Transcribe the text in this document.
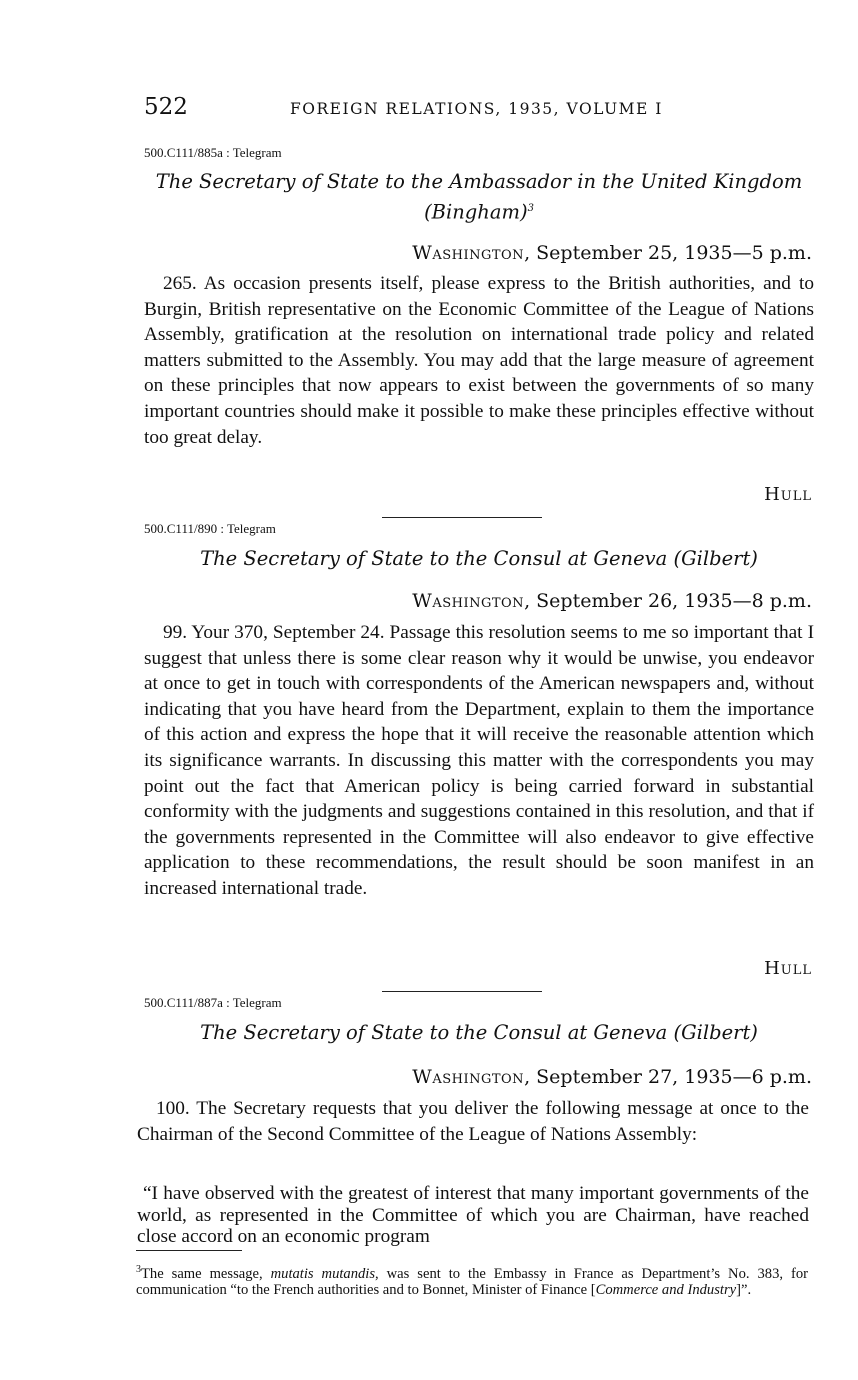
522	FOREIGN RELATIONS, 1935, VOLUME I
500.C111/885a : Telegram
The Secretary of State to the Ambassador in the United Kingdom
(Bingham)$^3$
Washington, September 25, 1935—5 p.m.

265. As occasion presents itself, please express to the British authorities, and to Burgin, British representative on the Economic Committee of the League of Nations Assembly, gratification at the resolution on international trade policy and related matters submitted to the Assembly. You may add that the large measure of agreement on these principles that now appears to exist between the governments of so many important countries should make it possible to make these principles effective without too great delay.

Hull
500.C111/890 : Telegram
The Secretary of State to the Consul at Geneva (Gilbert)
Washington, September 26, 1935—8 p.m.

99. Your 370, September 24. Passage this resolution seems to me so important that I suggest that unless there is some clear reason why it would be unwise, you endeavor at once to get in touch with correspondents of the American newspapers and, without indicating that you have heard from the Department, explain to them the importance of this action and express the hope that it will receive the reasonable attention which its significance warrants. In discussing this matter with the correspondents you may point out the fact that American policy is being carried forward in substantial conformity with the judgments and suggestions contained in this resolution, and that if the governments represented in the Committee will also endeavor to give effective application to these recommendations, the result should be soon manifest in an increased international trade.

Hull
500.C111/887a : Telegram
The Secretary of State to the Consul at Geneva (Gilbert)
Washington, September 27, 1935—6 p.m.

100. The Secretary requests that you deliver the following message at once to the Chairman of the Second Committee of the League of Nations Assembly:

“I have observed with the greatest of interest that many important governments of the world, as represented in the Committee of which you are Chairman, have reached close accord on an economic program

$^3$The same message, mutatis mutandis, was sent to the Embassy in France as Department’s No. 383, for communication “to the French authorities and to Bonnet, Minister of Finance [Commerce and Industry]”.
